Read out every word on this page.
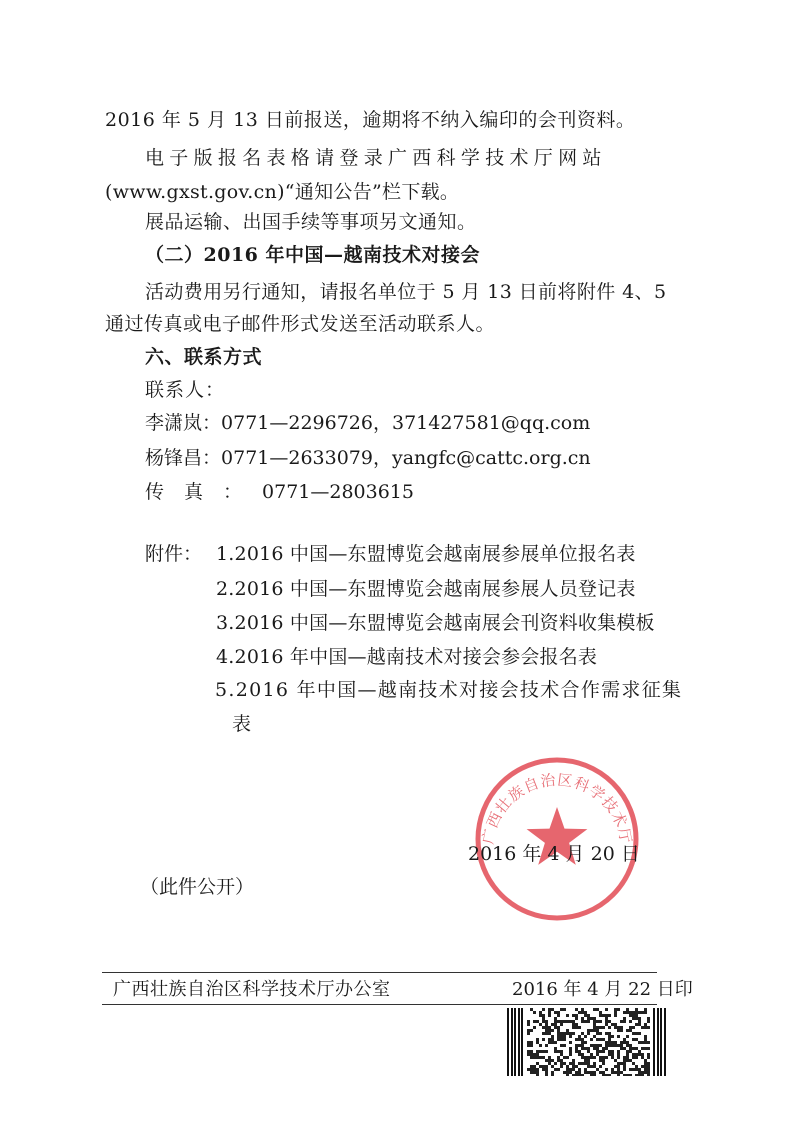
2016 年 5 月 13 日前报送，逾期将不纳入编印的会刊资料。
电子版报名表格请登录广西科学技术厅网站
(www.gxst.gov.cn)“通知公告”栏下载。
展品运输、出国手续等事项另文通知。
（二）2016 年中国—越南技术对接会
活动费用另行通知，请报名单位于 5 月 13 日前将附件 4、5
通过传真或电子邮件形式发送至活动联系人。
六、联系方式
联系人：
李潇岚：0771—2296726，371427581@qq.com
杨锋昌：0771—2633079，yangfc@cattc.org.cn
传真：0771—2803615
附件： 1.2016 中国—东盟博览会越南展参展单位报名表
2.2016 中国—东盟博览会越南展参展人员登记表
3.2016 中国—东盟博览会越南展会刊资料收集模板
4.2016 年中国—越南技术对接会参会报名表
5.2016 年中国—越南技术对接会技术合作需求征集
表
广西壮族自治区科学技术厅
2016 年 4 月 20 日
（此件公开）
广西壮族自治区科学技术厅办公室	2016 年 4 月 22 日印
